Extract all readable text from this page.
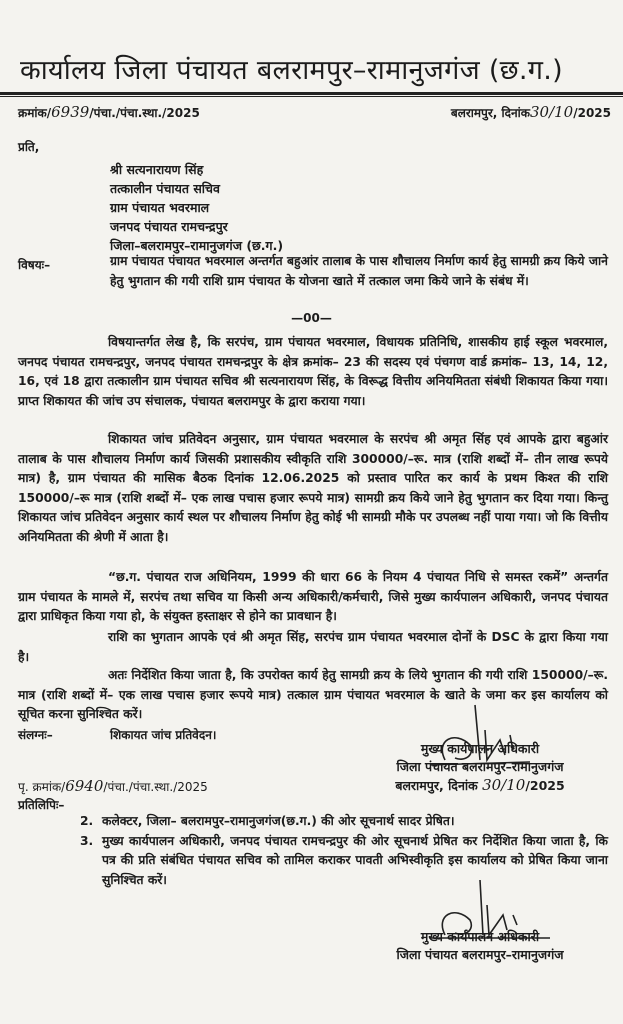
कार्यालय जिला पंचायत बलरामपुर–रामानुजगंज (छ.ग.)
क्रमांक/6939/पंचा./पंचा.स्था./2025	बलरामपुर, दिनांक30/10/2025
प्रति,
श्री सत्यनारायण सिंह
तत्कालीन पंचायत सचिव
ग्राम पंचायत भवरमाल
जनपद पंचायत रामचन्द्रपुर
जिला–बलरामपुर–रामानुजगंज (छ.ग.)
विषयः–	ग्राम पंचायत पंचायत भवरमाल अन्तर्गत बहुआंर तालाब के पास शौचालय निर्माण कार्य हेतु सामग्री क्रय किये जाने हेतु भुगतान की गयी राशि ग्राम पंचायत के योजना खाते में तत्काल जमा किये जाने के संबंध में।
—00—
विषयान्तर्गत लेख है, कि सरपंच, ग्राम पंचायत भवरमाल, विधायक प्रतिनिधि, शासकीय हाई स्कूल भवरमाल, जनपद पंचायत रामचन्द्रपुर, जनपद पंचायत रामचन्द्रपुर के क्षेत्र क्रमांक– 23 की सदस्य एवं पंचगण वार्ड क्रमांक– 13, 14, 12, 16, एवं 18 द्वारा तत्कालीन ग्राम पंचायत सचिव श्री सत्यनारायण सिंह, के विरूद्ध वित्तीय अनियमितता संबंधी शिकायत किया गया। प्राप्त शिकायत की जांच उप संचालक, पंचायत बलरामपुर के द्वारा कराया गया।
शिकायत जांच प्रतिवेदन अनुसार, ग्राम पंचायत भवरमाल के सरपंच श्री अमृत सिंह एवं आपके द्वारा बहुआंर तालाब के पास शौचालय निर्माण कार्य जिसकी प्रशासकीय स्वीकृति राशि 300000/–रू. मात्र (राशि शब्दों में– तीन लाख रूपये मात्र) है, ग्राम पंचायत की मासिक बैठक दिनांक 12.06.2025 को प्रस्ताव पारित कर कार्य के प्रथम किश्त की राशि 150000/–रू मात्र (राशि शब्दों में– एक लाख पचास हजार रूपये मात्र) सामग्री क्रय किये जाने हेतु भुगतान कर दिया गया। किन्तु शिकायत जांच प्रतिवेदन अनुसार कार्य स्थल पर शौचालय निर्माण हेतु कोई भी सामग्री मौके पर उपलब्ध नहीं पाया गया। जो कि वित्तीय अनियमितता की श्रेणी में आता है।
“छ.ग. पंचायत राज अधिनियम, 1999 की धारा 66 के नियम 4 पंचायत निधि से समस्त रकमें” अन्तर्गत ग्राम पंचायत के मामले में, सरपंच तथा सचिव या किसी अन्य अधिकारी/कर्मचारी, जिसे मुख्य कार्यपालन अधिकारी, जनपद पंचायत द्वारा प्राधिकृत किया गया हो, के संयुक्त हस्ताक्षर से होने का प्रावधान है।
राशि का भुगतान आपके एवं श्री अमृत सिंह, सरपंच ग्राम पंचायत भवरमाल दोनों के DSC के द्वारा किया गया है।
अतः निर्देशित किया जाता है, कि उपरोक्त कार्य हेतु सामग्री क्रय के लिये भुगतान की गयी राशि 150000/–रू. मात्र (राशि शब्दों में– एक लाख पचास हजार रूपये मात्र) तत्काल ग्राम पंचायत भवरमाल के खाते के जमा कर इस कार्यालय को सूचित करना सुनिश्चित करें।
संलग्नः–	शिकायत जांच प्रतिवेदन।
मुख्य कार्यपालन अधिकारी
जिला पंचायत बलरामपुर–रामानुजगंज
बलरामपुर, दिनांक 30/10/2025
पृ. क्रमांक/6940/पंचा./पंचा.स्था./2025
प्रतिलिपिः–
2. कलेक्टर, जिला– बलरामपुर–रामानुजगंज(छ.ग.) की ओर सूचनार्थ सादर प्रेषित।
3. मुख्य कार्यपालन अधिकारी, जनपद पंचायत रामचन्द्रपुर की ओर सूचनार्थ प्रेषित कर निर्देशित किया जाता है, कि पत्र की प्रति संबंधित पंचायत सचिव को तामिल कराकर पावती अभिस्वीकृति इस कार्यालय को प्रेषित किया जाना सुनिश्चित करें।
मुख्य कार्यपालन अधिकारी
जिला पंचायत बलरामपुर–रामानुजगंज
